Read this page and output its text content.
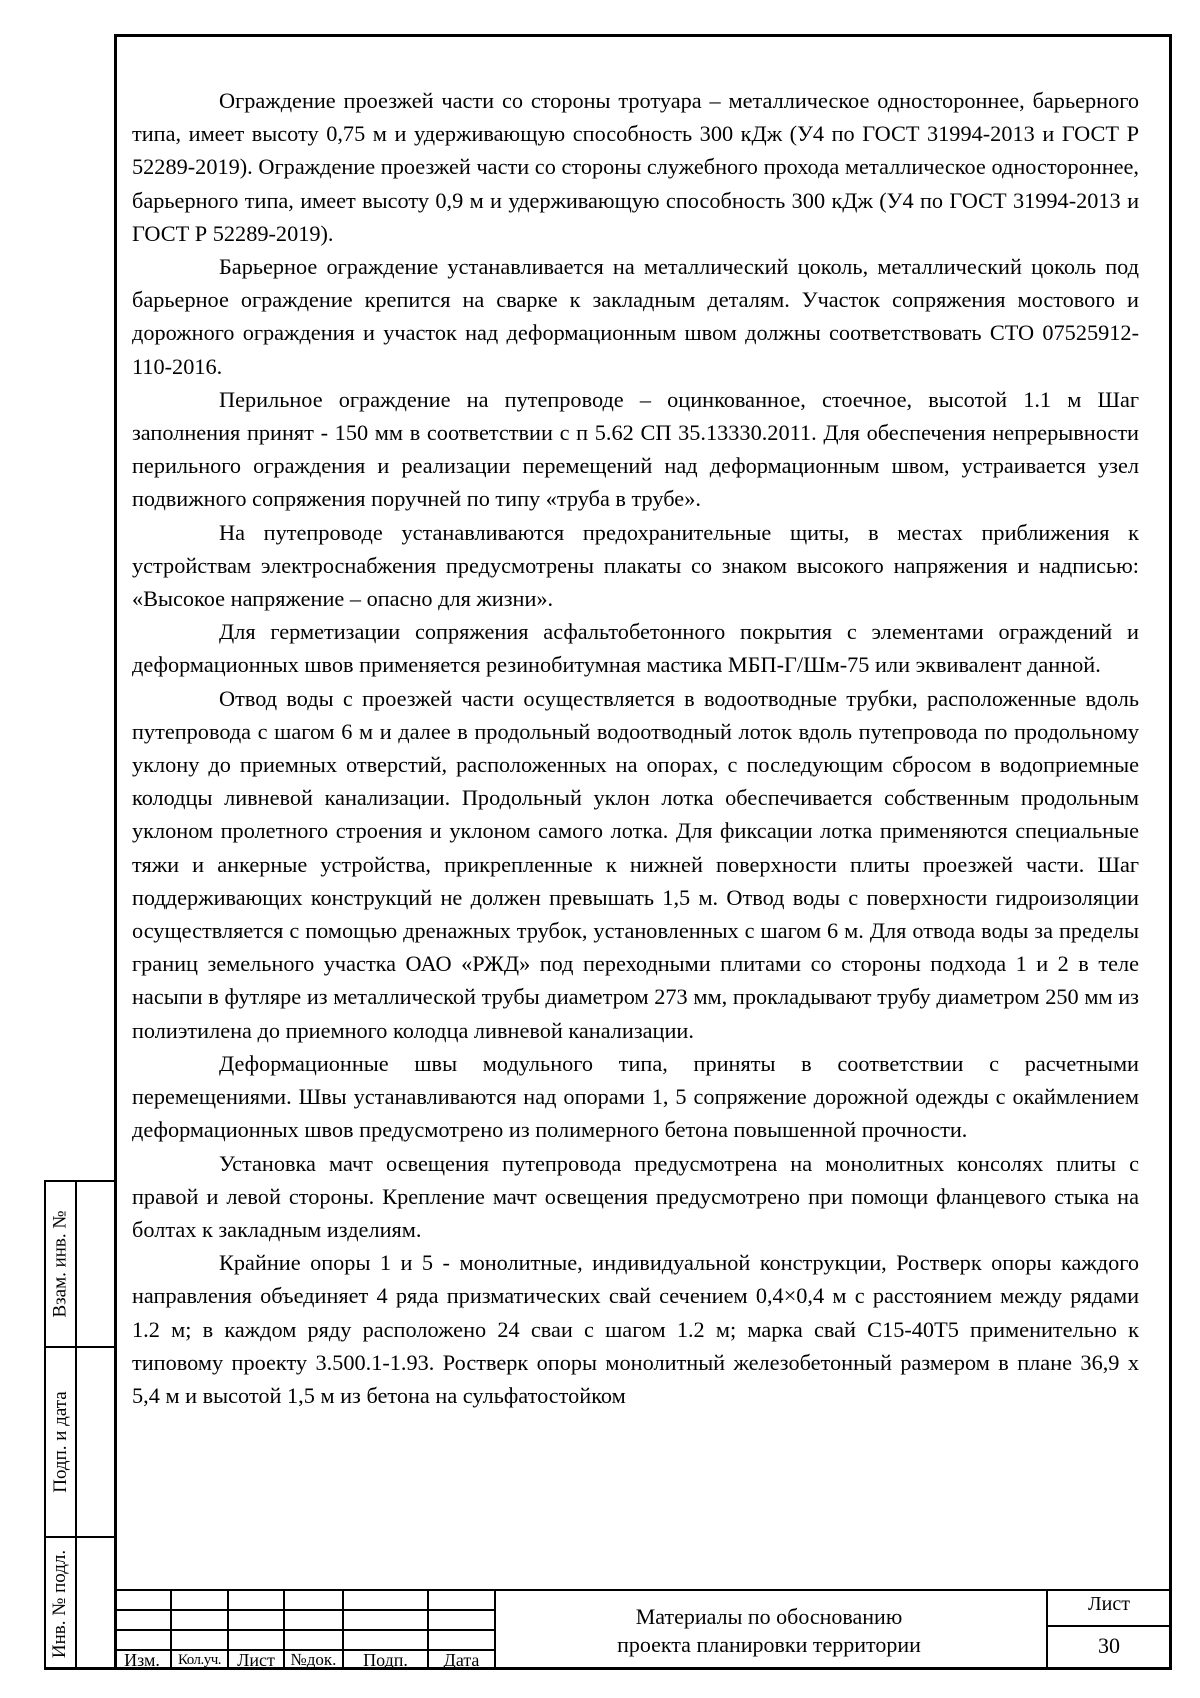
Ограждение проезжей части со стороны тротуара – металлическое одностороннее, барьерного типа, имеет высоту 0,75 м и удерживающую способность 300 кДж (У4 по ГОСТ 31994-2013 и ГОСТ Р 52289-2019). Ограждение проезжей части со стороны служебного прохода металлическое одностороннее, барьерного типа, имеет высоту 0,9 м и удерживающую способность 300 кДж (У4 по ГОСТ 31994-2013 и ГОСТ Р 52289-2019).

Барьерное ограждение устанавливается на металлический цоколь, металлический цоколь под барьерное ограждение крепится на сварке к закладным деталям. Участок сопряжения мостового и дорожного ограждения и участок над деформационным швом должны соответствовать СТО 07525912-110-2016.

Перильное ограждение на путепроводе – оцинкованное, стоечное, высотой 1.1 м Шаг заполнения принят - 150 мм в соответствии с п 5.62 СП 35.13330.2011. Для обеспечения непрерывности перильного ограждения и реализации перемещений над деформационным швом, устраивается узел подвижного сопряжения поручней по типу «труба в трубе».

На путепроводе устанавливаются предохранительные щиты, в местах приближения к устройствам электроснабжения предусмотрены плакаты со знаком высокого напряжения и надписью: «Высокое напряжение – опасно для жизни».

Для герметизации сопряжения асфальтобетонного покрытия с элементами ограждений и деформационных швов применяется резинобитумная мастика МБП-Г/Шм-75 или эквивалент данной.

Отвод воды с проезжей части осуществляется в водоотводные трубки, расположенные вдоль путепровода с шагом 6 м и далее в продольный водоотводный лоток вдоль путепровода по продольному уклону до приемных отверстий, расположенных на опорах, с последующим сбросом в водоприемные колодцы ливневой канализации. Продольный уклон лотка обеспечивается собственным продольным уклоном пролетного строения и уклоном самого лотка. Для фиксации лотка применяются специальные тяжи и анкерные устройства, прикрепленные к нижней поверхности плиты проезжей части. Шаг поддерживающих конструкций не должен превышать 1,5 м. Отвод воды с поверхности гидроизоляции осуществляется с помощью дренажных трубок, установленных с шагом 6 м. Для отвода воды за пределы границ земельного участка ОАО «РЖД» под переходными плитами со стороны подхода 1 и 2 в теле насыпи в футляре из металлической трубы диаметром 273 мм, прокладывают трубу диаметром 250 мм из полиэтилена до приемного колодца ливневой канализации.

Деформационные швы модульного типа, приняты в соответствии с расчетными перемещениями. Швы устанавливаются над опорами 1, 5 сопряжение дорожной одежды с окаймлением деформационных швов предусмотрено из полимерного бетона повышенной прочности.

Установка мачт освещения путепровода предусмотрена на монолитных консолях плиты с правой и левой стороны. Крепление мачт освещения предусмотрено при помощи фланцевого стыка на болтах к закладным изделиям.

Крайние опоры 1 и 5 - монолитные, индивидуальной конструкции, Ростверк опоры каждого направления объединяет 4 ряда призматических свай сечением 0,4×0,4 м с расстоянием между рядами 1.2 м; в каждом ряду расположено 24 сваи с шагом 1.2 м; марка свай С15-40Т5 применительно к типовому проекту 3.500.1-1.93. Ростверк опоры монолитный железобетонный размером в плане 36,9 х 5,4 м и высотой 1,5 м из бетона на сульфатостойком

Взам. инв. №
Подп. и дата
Инв. № подл.
Изм.	Кол.уч. Лист №док.	Подп.	Дата
Материалы по обоснованию
проекта планировки территории
Лист
30
